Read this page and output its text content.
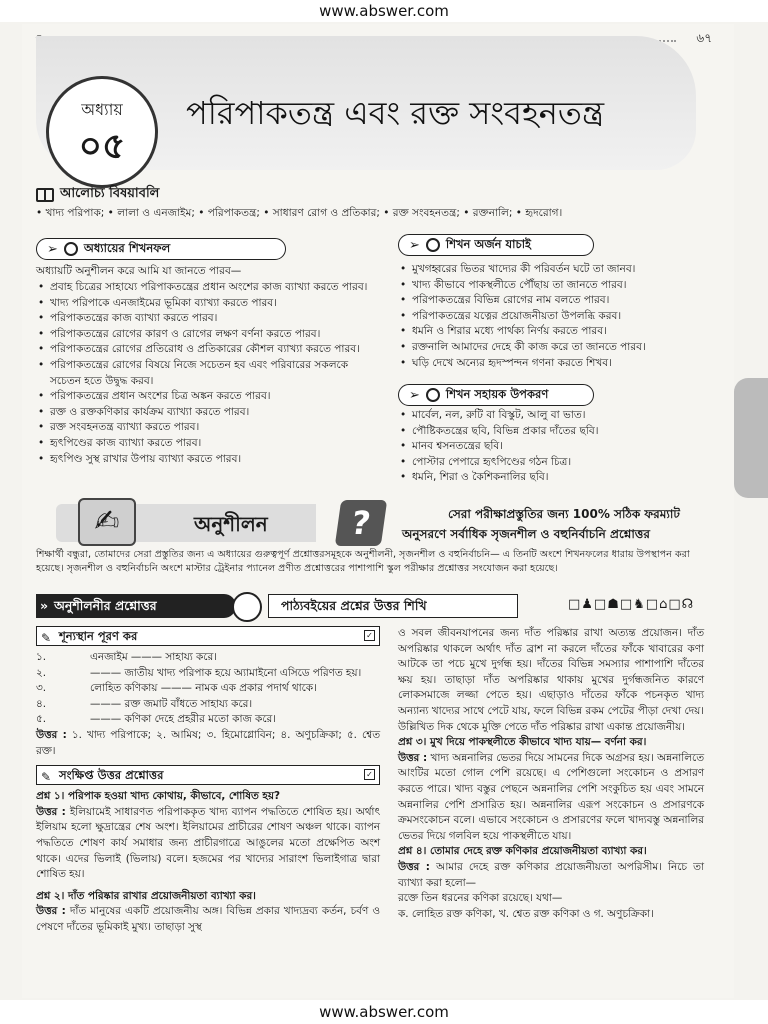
www.abswer.com
৬৭
অধ্যায়
০৫
পরিপাকতন্ত্র এবং রক্ত সংবহনতন্ত্র
আলোচ্য বিষয়াবলি
• খাদ্য পরিপাক; • লালা ও এনজাইম; • পরিপাকতন্ত্র; • সাধারণ রোগ ও প্রতিকার; • রক্ত সংবহনতন্ত্র; • রক্তনালি; • হৃদরোগ।
➢ অধ্যায়ের শিখনফল
অধ্যায়টি অনুশীলন করে আমি যা জানতে পারব—
• প্রবাহ চিত্রের সাহায্যে পরিপাকতন্ত্রের প্রধান অংশের কাজ ব্যাখ্যা করতে পারব।
• খাদ্য পরিপাকে এনজাইমের ভূমিকা ব্যাখ্যা করতে পারব।
• পরিপাকতন্ত্রের কাজ ব্যাখ্যা করতে পারব।
• পরিপাকতন্ত্রের রোগের কারণ ও রোগের লক্ষণ বর্ণনা করতে পারব।
• পরিপাকতন্ত্রের রোগের প্রতিরোধ ও প্রতিকারের কৌশল ব্যাখ্যা করতে পারব।
• পরিপাকতন্ত্রের রোগের বিষয়ে নিজে সচেতন হব এবং পরিবারের সকলকে সচেতন হতে উদ্বুদ্ধ করব।
• পরিপাকতন্ত্রের প্রধান অংশের চিত্র অঙ্কন করতে পারব।
• রক্ত ও রক্তকণিকার কার্যক্রম ব্যাখ্যা করতে পারব।
• রক্ত সংবহনতন্ত্র ব্যাখ্যা করতে পারব।
• হৃৎপিণ্ডের কাজ ব্যাখ্যা করতে পারব।
• হৃৎপিণ্ড সুস্থ রাখার উপায় ব্যাখ্যা করতে পারব।
➢ শিখন অর্জন যাচাই
• মুখগহ্বরের ভিতর খাদ্যের কী পরিবর্তন ঘটে তা জানব।
• খাদ্য কীভাবে পাকস্থলীতে পৌঁছায় তা জানতে পারব।
• পরিপাকতন্ত্রের বিভিন্ন রোগের নাম বলতে পারব।
• পরিপাকতন্ত্রের যত্নের প্রয়োজনীয়তা উপলব্ধি করব।
• ধমনি ও শিরার মধ্যে পার্থক্য নির্ণয় করতে পারব।
• রক্তনালি আমাদের দেহে কী কাজ করে তা জানতে পারব।
• ঘড়ি দেখে অন্যের হৃদস্পন্দন গণনা করতে শিখব।
➢ শিখন সহায়ক উপকরণ
• মার্বেল, নল, রুটি বা বিস্কুট, আলু বা ভাত।
• পৌষ্টিকতন্ত্রের ছবি, বিভিন্ন প্রকার দাঁতের ছবি।
• মানব শ্বসনতন্ত্রের ছবি।
• পোস্টার পেপারে হৃৎপিণ্ডের গঠন চিত্র।
• ধমনি, শিরা ও কৈশিকনালির ছবি।
✍	অনুশীলন	?	সেরা পরীক্ষাপ্রস্তুতির জন্য 100% সঠিক ফরম্যাট
অনুসরণে সর্বাধিক সৃজনশীল ও বহুনির্বাচনি প্রশ্নোত্তর
শিক্ষার্থী বন্ধুরা, তোমাদের সেরা প্রস্তুতির জন্য এ অধ্যায়ের গুরুত্বপূর্ণ প্রশ্নোত্তরসমূহকে অনুশীলনী, সৃজনশীল ও বহুনির্বাচনি— এ তিনটি অংশে শিখনফলের ধারায় উপস্থাপন করা হয়েছে। সৃজনশীল ও বহুনির্বাচনি অংশে মাস্টার ট্রেইনার প্যানেল প্রণীত প্রশ্নোত্তরের পাশাপাশি স্কুল পরীক্ষার প্রশ্নোত্তর সংযোজন করা হয়েছে।
» অনুশীলনীর প্রশ্নোত্তর	পাঠ্যবইয়ের প্রশ্নের উত্তর শিখি	□♟□☗□♞□⌂□☊
✎ শূন্যস্থান পূরণ কর	✓
১.	এনজাইম ——— সাহায্য করে।
২.	——— জাতীয় খাদ্য পরিপাক হয়ে অ্যামাইনো এসিডে পরিণত হয়।
৩.	লোহিত কণিকায় ——— নামক এক প্রকার পদার্থ থাকে।
৪.	——— রক্ত জমাট বাঁধতে সাহায্য করে।
৫.	——— কণিকা দেহে প্রহরীর মতো কাজ করে।

উত্তর : ১. খাদ্য পরিপাকে; ২. আমিষ; ৩. হিমোগ্লোবিন; ৪. অণুচক্রিকা; ৫. শ্বেত রক্ত।

✎ সংক্ষিপ্ত উত্তর প্রশ্নোত্তর	✓

প্রশ্ন ১। পরিপাক হওয়া খাদ্য কোথায়, কীভাবে, শোষিত হয়?

উত্তর : ইলিয়ামেই সাধারণত পরিপাককৃত খাদ্য ব্যাপন পদ্ধতিতে শোষিত হয়। অর্থাৎ ইলিয়াম হলো ক্ষুদ্রান্ত্রের শেষ অংশ। ইলিয়ামের প্রাচীরের শোষণ অঞ্চল থাকে। ব্যাপন পদ্ধতিতে শোষণ কার্য সমাধার জন্য প্রাচীরগাত্রে আঙুলের মতো প্রক্ষেপিত অংশ থাকে। এদের ভিলাই (ভিলায়) বলে। হজমের পর খাদ্যের সারাংশ ভিলাইগাত্র দ্বারা শোষিত হয়।

প্রশ্ন ২। দাঁত পরিষ্কার রাখার প্রয়োজনীয়তা ব্যাখ্যা কর।

উত্তর : দাঁত মানুষের একটি প্রয়োজনীয় অঙ্গ। বিভিন্ন প্রকার খাদ্যদ্রব্য কর্তন, চর্বণ ও পেষণে দাঁতের ভূমিকাই মুখ্য। তাছাড়া সুস্থ

ও সবল জীবনযাপনের জন্য দাঁত পরিষ্কার রাখা অত্যন্ত প্রয়োজন। দাঁত অপরিষ্কার থাকলে অর্থাৎ দাঁত ব্রাশ না করলে দাঁতের ফাঁকে খাবারের কণা আটকে তা পচে মুখে দুর্গন্ধ হয়। দাঁতের বিভিন্ন সমস্যার পাশাপাশি দাঁতের ক্ষয় হয়। তাছাড়া দাঁত অপরিষ্কার থাকায় মুখের দুর্গন্ধজনিত কারণে লোকসমাজে লজ্জা পেতে হয়। এছাড়াও দাঁতের ফাঁকে পচনকৃত খাদ্য অন্যান্য খাদ্যের সাথে পেটে যায়, ফলে বিভিন্ন রকম পেটের পীড়া দেখা দেয়। উল্লিখিত দিক থেকে মুক্তি পেতে দাঁত পরিষ্কার রাখা একান্ত প্রয়োজনীয়।

প্রশ্ন ৩। মুখ দিয়ে পাকস্থলীতে কীভাবে খাদ্য যায়— বর্ণনা কর।

উত্তর : খাদ্য অন্ননালির ভেতর দিয়ে সামনের দিকে অগ্রসর হয়। অন্ননালিতে আংটির মতো গোল পেশি রয়েছে। এ পেশিগুলো সংকোচন ও প্রসারণ করতে পারে। খাদ্য বস্তুর পেছনে অন্ননালির পেশি সংকুচিত হয় এবং সামনে অন্ননালির পেশি প্রসারিত হয়। অন্ননালির এরূপ সংকোচন ও প্রসারণকে ক্রমসংকোচন বলে। এভাবে সংকোচন ও প্রসারণের ফলে খাদ্যবস্তু অন্ননালির ভেতর দিয়ে গলবিল হয়ে পাকস্থলীতে যায়।

প্রশ্ন ৪। তোমার দেহে রক্ত কণিকার প্রয়োজনীয়তা ব্যাখ্যা কর।

উত্তর : আমার দেহে রক্ত কণিকার প্রয়োজনীয়তা অপরিসীম। নিচে তা ব্যাখ্যা করা হলো—

রক্তে তিন ধরনের কণিকা রয়েছে। যথা—

ক. লোহিত রক্ত কণিকা, খ. শ্বেত রক্ত কণিকা ও গ. অণুচক্রিকা।

www.abswer.com
